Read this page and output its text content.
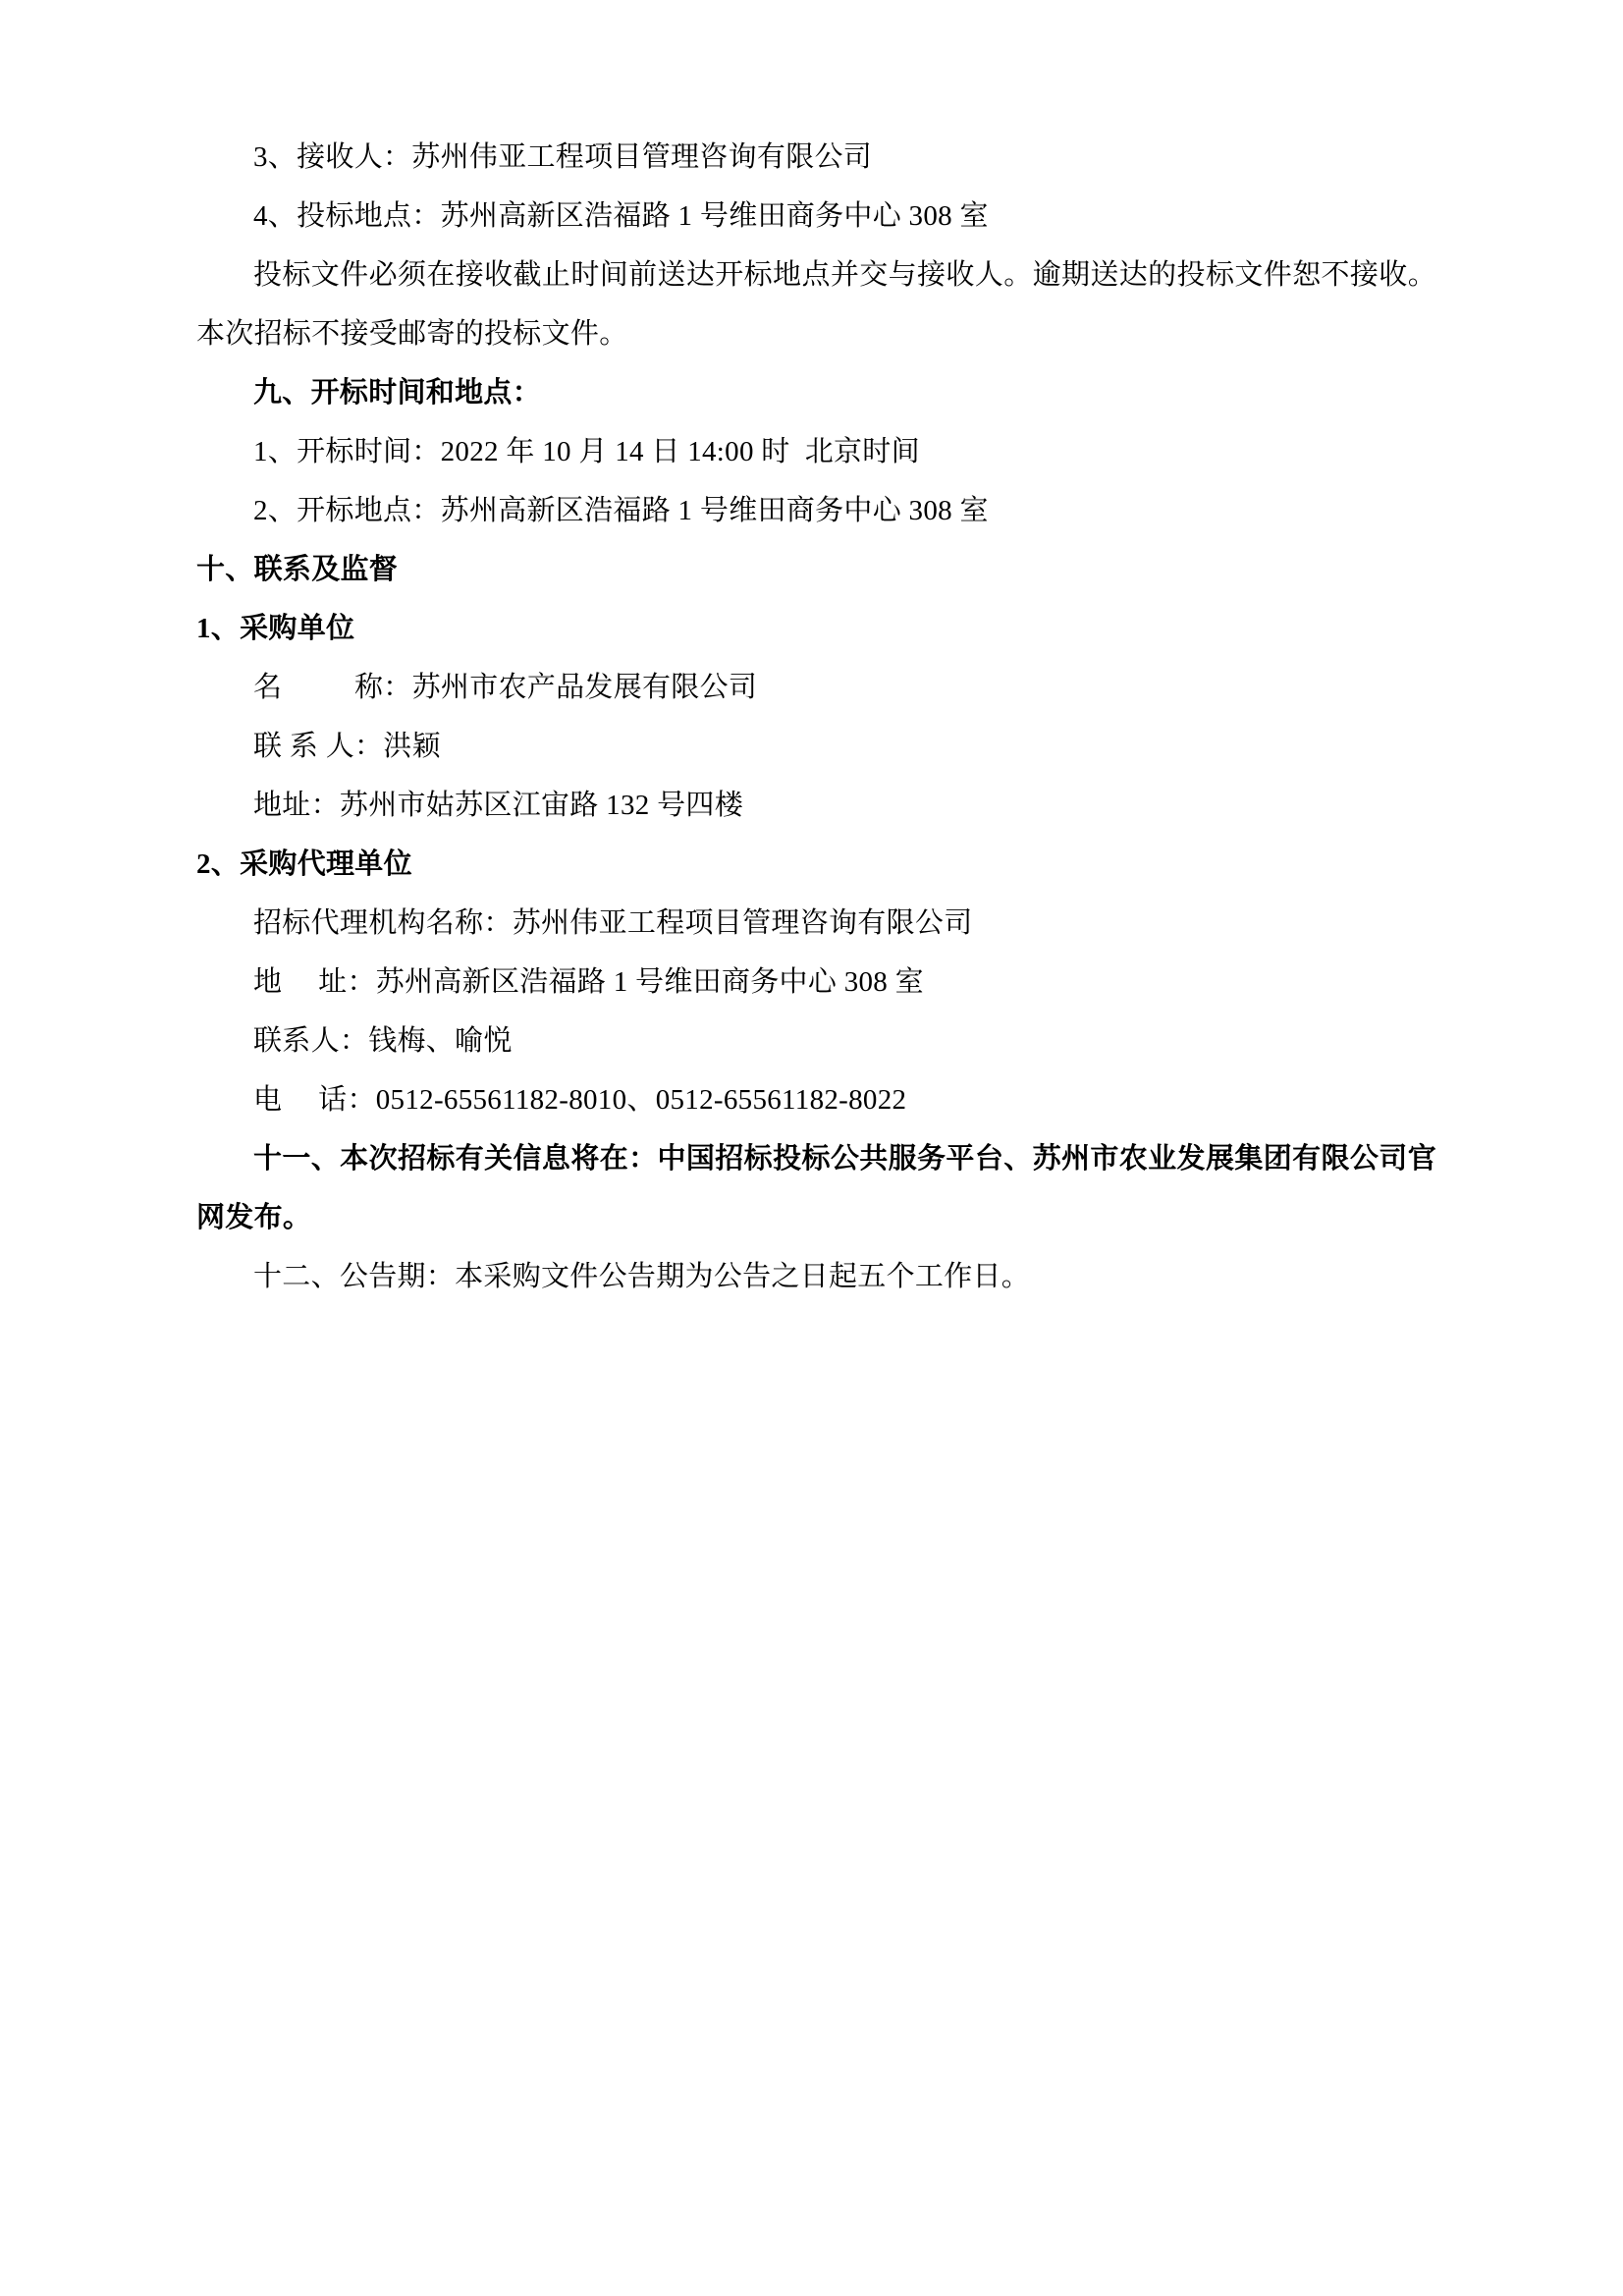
3、接收人：苏州伟亚工程项目管理咨询有限公司
4、投标地点：苏州高新区浩福路 1 号维田商务中心 308 室
投标文件必须在接收截止时间前送达开标地点并交与接收人。逾期送达的投标文件恕不接收。本次招标不接受邮寄的投标文件。
九、开标时间和地点：
1、开标时间：2022 年 10 月 14 日 14:00 时  北京时间
2、开标地点：苏州高新区浩福路 1 号维田商务中心 308 室
十、联系及监督
1、采购单位
名　　  称：苏州市农产品发展有限公司
联 系 人：洪颖
地址：苏州市姑苏区江宙路 132 号四楼
2、采购代理单位
招标代理机构名称：苏州伟亚工程项目管理咨询有限公司
地　 址：苏州高新区浩福路 1 号维田商务中心 308 室
联系人：钱梅、喻悦
电　 话：0512-65561182-8010、0512-65561182-8022
十一、本次招标有关信息将在：中国招标投标公共服务平台、苏州市农业发展集团有限公司官网发布。
十二、公告期：本采购文件公告期为公告之日起五个工作日。
